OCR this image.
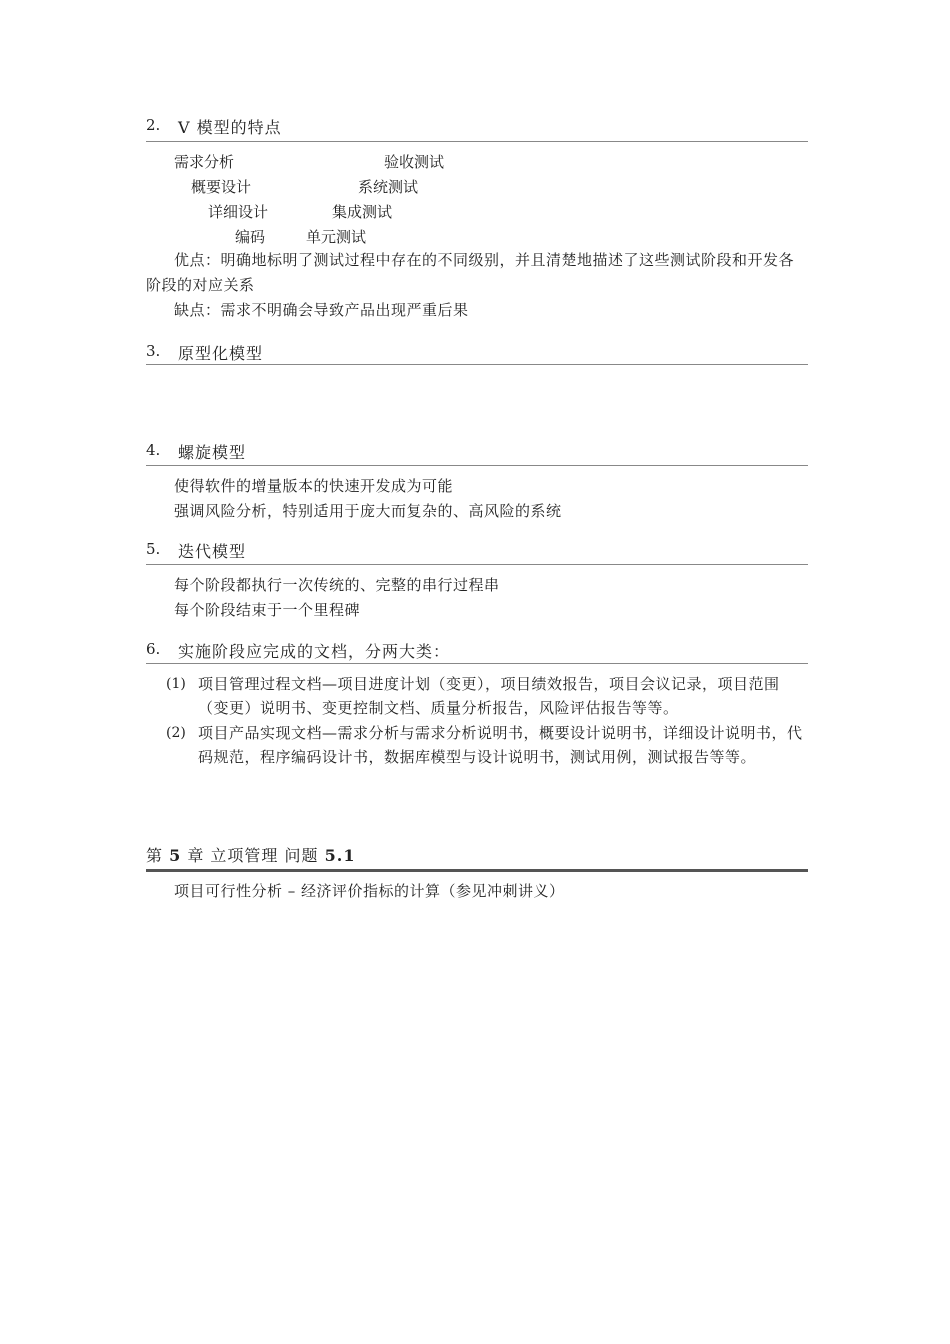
2. V 模型的特点
需求分析	验收测试
概要设计	系统测试
详细设计	集成测试
编码	单元测试
优点：明确地标明了测试过程中存在的不同级别，并且清楚地描述了这些测试阶段和开发各阶段的对应关系
缺点：需求不明确会导致产品出现严重后果
3. 原型化模型
4. 螺旋模型
使得软件的增量版本的快速开发成为可能
强调风险分析，特别适用于庞大而复杂的、高风险的系统
5. 迭代模型
每个阶段都执行一次传统的、完整的串行过程串
每个阶段结束于一个里程碑
6. 实施阶段应完成的文档，分两大类：
(1) 项目管理过程文档—项目进度计划（变更），项目绩效报告，项目会议记录，项目范围（变更）说明书、变更控制文档、质量分析报告，风险评估报告等等。
(2) 项目产品实现文档—需求分析与需求分析说明书，概要设计说明书，详细设计说明书，代码规范，程序编码设计书，数据库模型与设计说明书，测试用例，测试报告等等。
第 5 章 立项管理 问题 5.1
项目可行性分析 – 经济评价指标的计算（参见冲刺讲义）
